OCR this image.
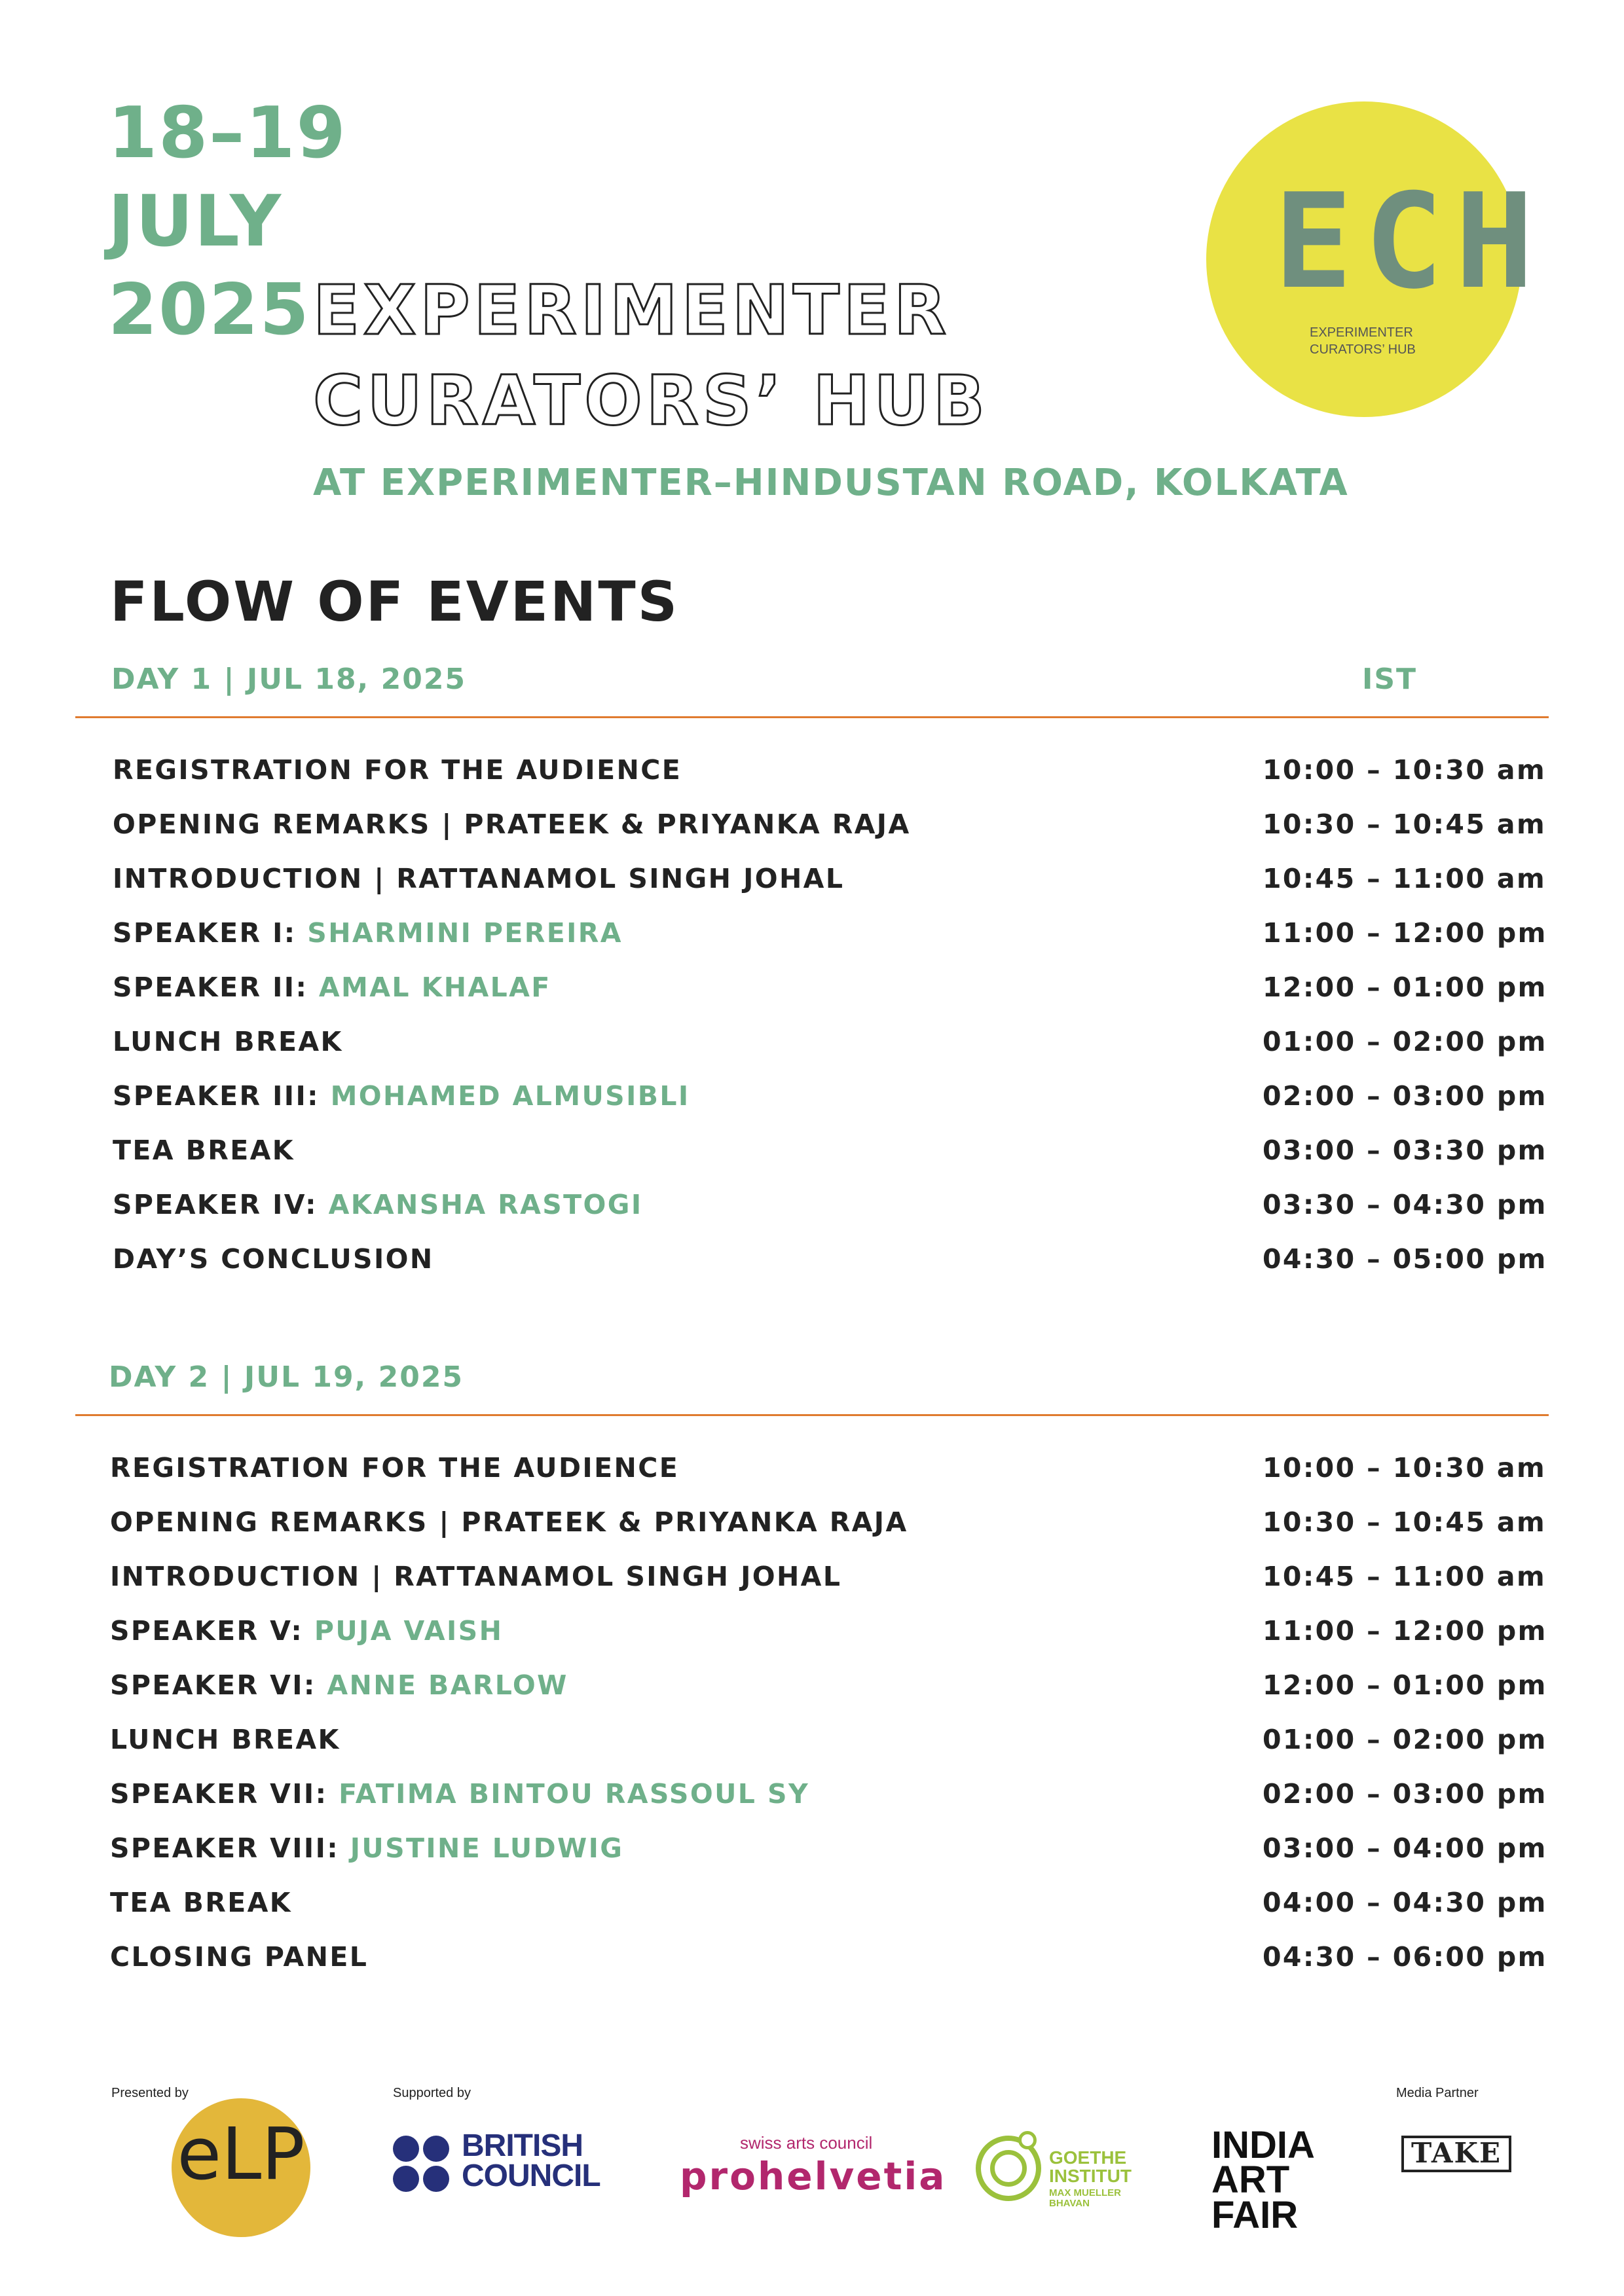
18–19
JULY
2025 EXPERIMENTER
CURATORS’ HUB
AT EXPERIMENTER–HINDUSTAN ROAD, KOLKATA
ECH
EXPERIMENTER
CURATORS’ HUB
FLOW OF EVENTS
DAY 1 | JUL 18, 2025	IST
REGISTRATION FOR THE AUDIENCE	10:00 – 10:30 am
OPENING REMARKS | PRATEEK & PRIYANKA RAJA	10:30 – 10:45 am
INTRODUCTION | RATTANAMOL SINGH JOHAL	10:45 – 11:00 am
SPEAKER I: SHARMINI PEREIRA	11:00 – 12:00 pm
SPEAKER II: AMAL KHALAF	12:00 – 01:00 pm
LUNCH BREAK	01:00 – 02:00 pm
SPEAKER III: MOHAMED ALMUSIBLI	02:00 – 03:00 pm
TEA BREAK	03:00 – 03:30 pm
SPEAKER IV: AKANSHA RASTOGI	03:30 – 04:30 pm
DAY’S CONCLUSION	04:30 – 05:00 pm
DAY 2 | JUL 19, 2025
REGISTRATION FOR THE AUDIENCE	10:00 – 10:30 am
OPENING REMARKS | PRATEEK & PRIYANKA RAJA	10:30 – 10:45 am
INTRODUCTION | RATTANAMOL SINGH JOHAL	10:45 – 11:00 am
SPEAKER V: PUJA VAISH	11:00 – 12:00 pm
SPEAKER VI: ANNE BARLOW	12:00 – 01:00 pm
LUNCH BREAK	01:00 – 02:00 pm
SPEAKER VII: FATIMA BINTOU RASSOUL SY	02:00 – 03:00 pm
SPEAKER VIII: JUSTINE LUDWIG	03:00 – 04:00 pm
TEA BREAK	04:00 – 04:30 pm
CLOSING PANEL	04:30 – 06:00 pm
Presented by	Supported by	Media Partner
eLP	BRITISH
COUNCIL
swiss arts council
prohelvetia	GOETHE
INSTITUT
MAX MUELLER
BHAVAN
INDIA
ART
FAIR
TAKE
